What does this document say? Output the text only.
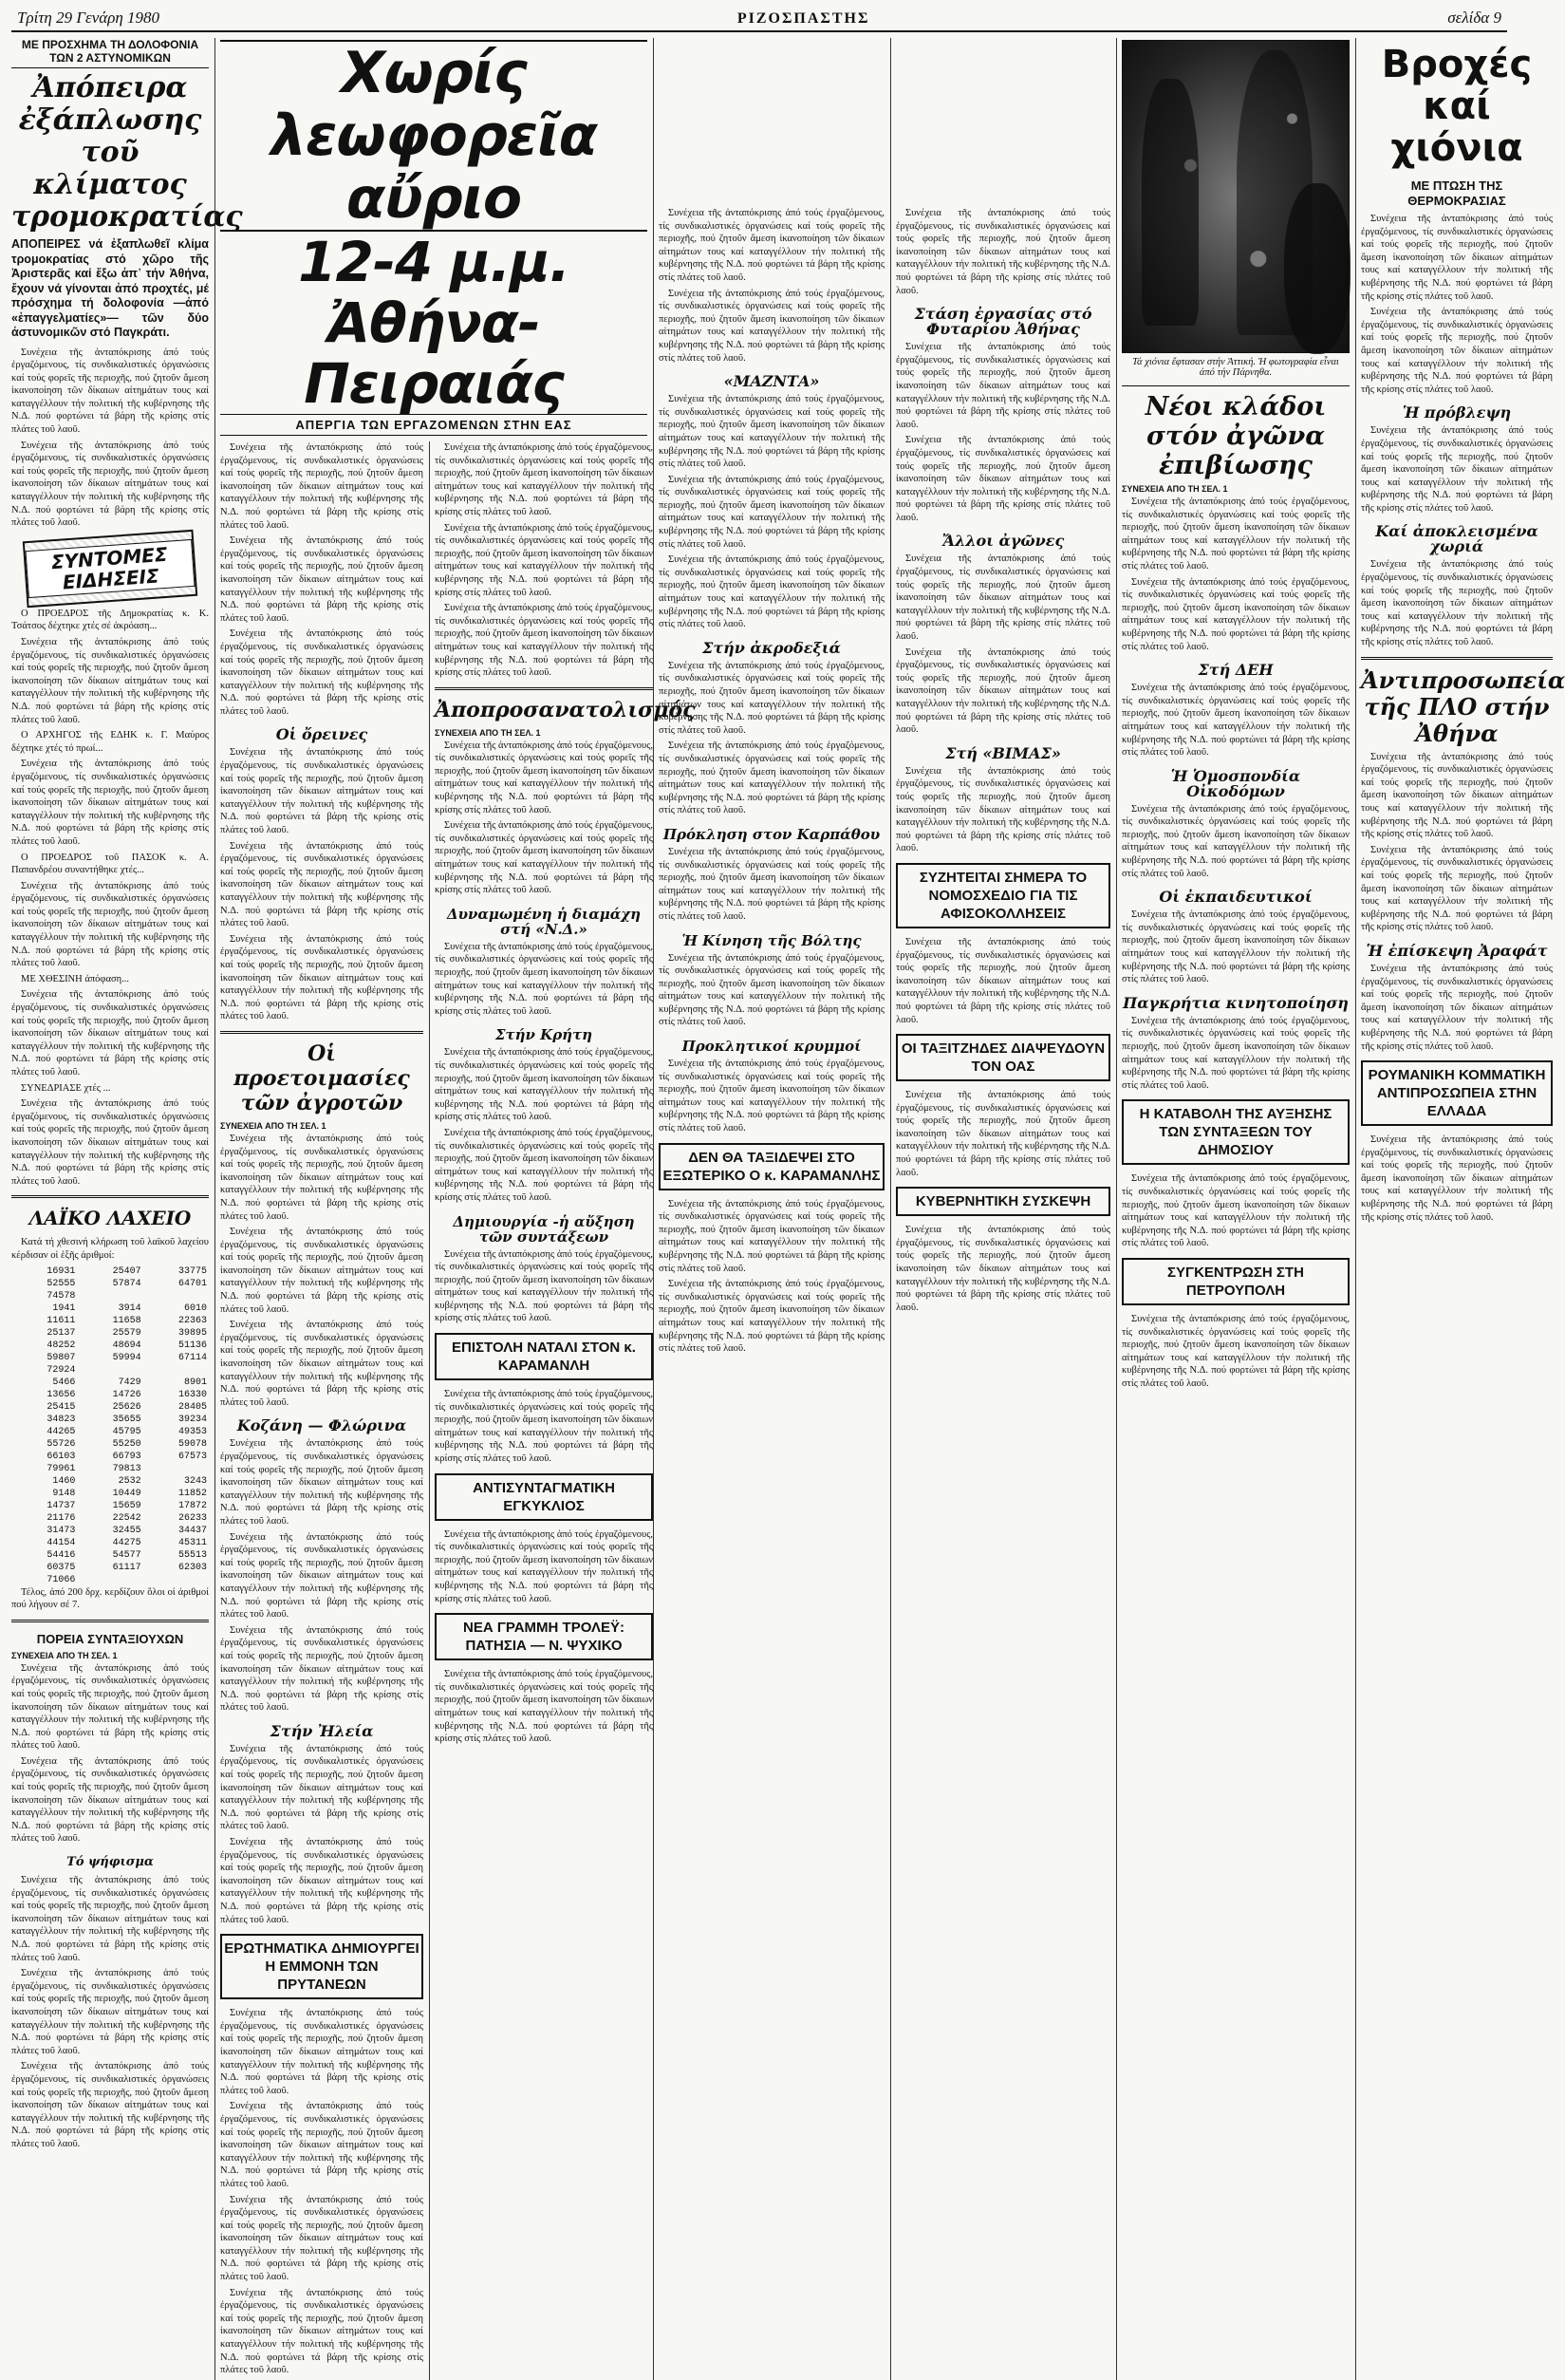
Τρίτη 29 Γενάρη 1980	ΡΙΖΟΣΠΑΣΤΗΣ	σελίδα 9
ΜΕ ΠΡΟΣΧΗΜΑ ΤΗ ΔΟΛΟΦΟΝΙΑ ΤΩΝ 2 ΑΣΤΥΝΟΜΙΚΩΝ
Ἀπόπειρα ἐξάπλωσης τοῦ κλίματος τρομοκρατίας
ΑΠΟΠΕΙΡΕΣ νά ἐξαπλωθεῖ κλίμα τρομοκρατίας στό χῶρο τῆς Ἀριστερᾶς καί ἔξω ἀπ᾽ τήν Ἀθήνα, ἔχουν νά γίνονται ἀπό προχτές, μέ πρόσχημα τή δολοφονία —ἀπό «ἐπαγγελματίες»— τῶν δύο ἀστυνομικῶν στό Παγκράτι.

Συνέχεια τῆς ἀνταπόκρισης ἀπό τούς ἐργαζόμενους, τίς συνδικαλιστικές ὀργανώσεις καί τούς φορεῖς τῆς περιοχῆς, πού ζητοῦν ἄμεση ἱκανοποίηση τῶν δίκαιων αἰτημάτων τους καί καταγγέλλουν τήν πολιτική τῆς κυβέρνησης τῆς Ν.Δ. πού φορτώνει τά βάρη τῆς κρίσης στίς πλάτες τοῦ λαοῦ.

Συνέχεια τῆς ἀνταπόκρισης ἀπό τούς ἐργαζόμενους, τίς συνδικαλιστικές ὀργανώσεις καί τούς φορεῖς τῆς περιοχῆς, πού ζητοῦν ἄμεση ἱκανοποίηση τῶν δίκαιων αἰτημάτων τους καί καταγγέλλουν τήν πολιτική τῆς κυβέρνησης τῆς Ν.Δ. πού φορτώνει τά βάρη τῆς κρίσης στίς πλάτες τοῦ λαοῦ.

ΣΥΝΤΟΜΕΣ ΕΙΔΗΣΕΙΣ

Ο ΠΡΟΕΔΡΟΣ τῆς Δημοκρατίας κ. Κ. Τσάτσος δέχτηκε χτές σέ ἀκρόαση...

Συνέχεια τῆς ἀνταπόκρισης ἀπό τούς ἐργαζόμενους, τίς συνδικαλιστικές ὀργανώσεις καί τούς φορεῖς τῆς περιοχῆς, πού ζητοῦν ἄμεση ἱκανοποίηση τῶν δίκαιων αἰτημάτων τους καί καταγγέλλουν τήν πολιτική τῆς κυβέρνησης τῆς Ν.Δ. πού φορτώνει τά βάρη τῆς κρίσης στίς πλάτες τοῦ λαοῦ.

Ο ΑΡΧΗΓΟΣ τῆς ΕΔΗΚ κ. Γ. Μαύρος δέχτηκε χτές τό πρωί...

Συνέχεια τῆς ἀνταπόκρισης ἀπό τούς ἐργαζόμενους, τίς συνδικαλιστικές ὀργανώσεις καί τούς φορεῖς τῆς περιοχῆς, πού ζητοῦν ἄμεση ἱκανοποίηση τῶν δίκαιων αἰτημάτων τους καί καταγγέλλουν τήν πολιτική τῆς κυβέρνησης τῆς Ν.Δ. πού φορτώνει τά βάρη τῆς κρίσης στίς πλάτες τοῦ λαοῦ.

Ο ΠΡΟΕΔΡΟΣ τοῦ ΠΑΣΟΚ κ. Α. Παπανδρέου συναντήθηκε χτές...

Συνέχεια τῆς ἀνταπόκρισης ἀπό τούς ἐργαζόμενους, τίς συνδικαλιστικές ὀργανώσεις καί τούς φορεῖς τῆς περιοχῆς, πού ζητοῦν ἄμεση ἱκανοποίηση τῶν δίκαιων αἰτημάτων τους καί καταγγέλλουν τήν πολιτική τῆς κυβέρνησης τῆς Ν.Δ. πού φορτώνει τά βάρη τῆς κρίσης στίς πλάτες τοῦ λαοῦ.

ΜΕ ΧΘΕΣΙΝΗ ἀπόφαση...

Συνέχεια τῆς ἀνταπόκρισης ἀπό τούς ἐργαζόμενους, τίς συνδικαλιστικές ὀργανώσεις καί τούς φορεῖς τῆς περιοχῆς, πού ζητοῦν ἄμεση ἱκανοποίηση τῶν δίκαιων αἰτημάτων τους καί καταγγέλλουν τήν πολιτική τῆς κυβέρνησης τῆς Ν.Δ. πού φορτώνει τά βάρη τῆς κρίσης στίς πλάτες τοῦ λαοῦ.

ΣΥΝΕΔΡΙΑΣΕ χτές ...

Συνέχεια τῆς ἀνταπόκρισης ἀπό τούς ἐργαζόμενους, τίς συνδικαλιστικές ὀργανώσεις καί τούς φορεῖς τῆς περιοχῆς, πού ζητοῦν ἄμεση ἱκανοποίηση τῶν δίκαιων αἰτημάτων τους καί καταγγέλλουν τήν πολιτική τῆς κυβέρνησης τῆς Ν.Δ. πού φορτώνει τά βάρη τῆς κρίσης στίς πλάτες τοῦ λαοῦ.

ΛΑΪΚΟ ΛΑΧΕΙΟ

Κατά τή χθεσινή κλήρωση τοῦ λαϊκοῦ λαχείου κέρδισαν οἱ ἑξῆς ἀριθμοί:

16931	25407	33775
52555	57874	64701
74578		
1941	3914	6010
11611	11658	22363
25137	25579	39895
48252	48694	51136
59807	59994	67114
72924		
5466	7429	8901
13656	14726	16330
25415	25626	28405
34823	35655	39234
44265	45795	49353
55726	55250	59078
66103	66793	67573
79961	79813	
1460	2532	3243
9148	10449	11852
14737	15659	17872
21176	22542	26233
31473	32455	34437
44154	44275	45311
54416	54577	55513
60375	61117	62303
71066		

Τέλος, ἀπό 200 δρχ. κερδίζουν ὅλοι οἱ ἀριθμοί πού λήγουν σέ 7.

ΠΟΡΕΙΑ ΣΥΝΤΑΞΙΟΥΧΩΝ
ΣΥΝΕΧΕΙΑ ΑΠΟ ΤΗ ΣΕΛ. 1

Συνέχεια τῆς ἀνταπόκρισης ἀπό τούς ἐργαζόμενους, τίς συνδικαλιστικές ὀργανώσεις καί τούς φορεῖς τῆς περιοχῆς, πού ζητοῦν ἄμεση ἱκανοποίηση τῶν δίκαιων αἰτημάτων τους καί καταγγέλλουν τήν πολιτική τῆς κυβέρνησης τῆς Ν.Δ. πού φορτώνει τά βάρη τῆς κρίσης στίς πλάτες τοῦ λαοῦ.

Συνέχεια τῆς ἀνταπόκρισης ἀπό τούς ἐργαζόμενους, τίς συνδικαλιστικές ὀργανώσεις καί τούς φορεῖς τῆς περιοχῆς, πού ζητοῦν ἄμεση ἱκανοποίηση τῶν δίκαιων αἰτημάτων τους καί καταγγέλλουν τήν πολιτική τῆς κυβέρνησης τῆς Ν.Δ. πού φορτώνει τά βάρη τῆς κρίσης στίς πλάτες τοῦ λαοῦ.

Τό ψήφισμα

Συνέχεια τῆς ἀνταπόκρισης ἀπό τούς ἐργαζόμενους, τίς συνδικαλιστικές ὀργανώσεις καί τούς φορεῖς τῆς περιοχῆς, πού ζητοῦν ἄμεση ἱκανοποίηση τῶν δίκαιων αἰτημάτων τους καί καταγγέλλουν τήν πολιτική τῆς κυβέρνησης τῆς Ν.Δ. πού φορτώνει τά βάρη τῆς κρίσης στίς πλάτες τοῦ λαοῦ.

Συνέχεια τῆς ἀνταπόκρισης ἀπό τούς ἐργαζόμενους, τίς συνδικαλιστικές ὀργανώσεις καί τούς φορεῖς τῆς περιοχῆς, πού ζητοῦν ἄμεση ἱκανοποίηση τῶν δίκαιων αἰτημάτων τους καί καταγγέλλουν τήν πολιτική τῆς κυβέρνησης τῆς Ν.Δ. πού φορτώνει τά βάρη τῆς κρίσης στίς πλάτες τοῦ λαοῦ.

Συνέχεια τῆς ἀνταπόκρισης ἀπό τούς ἐργαζόμενους, τίς συνδικαλιστικές ὀργανώσεις καί τούς φορεῖς τῆς περιοχῆς, πού ζητοῦν ἄμεση ἱκανοποίηση τῶν δίκαιων αἰτημάτων τους καί καταγγέλλουν τήν πολιτική τῆς κυβέρνησης τῆς Ν.Δ. πού φορτώνει τά βάρη τῆς κρίσης στίς πλάτες τοῦ λαοῦ.

Χωρίς λεωφορεῖα αὔριο
12-4 μ.μ. Ἀθήνα-Πειραιάς
ΑΠΕΡΓΙΑ ΤΩΝ ΕΡΓΑΖΟΜΕΝΩΝ ΣΤΗΝ ΕΑΣ

Συνέχεια τῆς ἀνταπόκρισης ἀπό τούς ἐργαζόμενους, τίς συνδικαλιστικές ὀργανώσεις καί τούς φορεῖς τῆς περιοχῆς, πού ζητοῦν ἄμεση ἱκανοποίηση τῶν δίκαιων αἰτημάτων τους καί καταγγέλλουν τήν πολιτική τῆς κυβέρνησης τῆς Ν.Δ. πού φορτώνει τά βάρη τῆς κρίσης στίς πλάτες τοῦ λαοῦ.

Συνέχεια τῆς ἀνταπόκρισης ἀπό τούς ἐργαζόμενους, τίς συνδικαλιστικές ὀργανώσεις καί τούς φορεῖς τῆς περιοχῆς, πού ζητοῦν ἄμεση ἱκανοποίηση τῶν δίκαιων αἰτημάτων τους καί καταγγέλλουν τήν πολιτική τῆς κυβέρνησης τῆς Ν.Δ. πού φορτώνει τά βάρη τῆς κρίσης στίς πλάτες τοῦ λαοῦ.

Συνέχεια τῆς ἀνταπόκρισης ἀπό τούς ἐργαζόμενους, τίς συνδικαλιστικές ὀργανώσεις καί τούς φορεῖς τῆς περιοχῆς, πού ζητοῦν ἄμεση ἱκανοποίηση τῶν δίκαιων αἰτημάτων τους καί καταγγέλλουν τήν πολιτική τῆς κυβέρνησης τῆς Ν.Δ. πού φορτώνει τά βάρη τῆς κρίσης στίς πλάτες τοῦ λαοῦ.

Οἱ ὄρεινες

Συνέχεια τῆς ἀνταπόκρισης ἀπό τούς ἐργαζόμενους, τίς συνδικαλιστικές ὀργανώσεις καί τούς φορεῖς τῆς περιοχῆς, πού ζητοῦν ἄμεση ἱκανοποίηση τῶν δίκαιων αἰτημάτων τους καί καταγγέλλουν τήν πολιτική τῆς κυβέρνησης τῆς Ν.Δ. πού φορτώνει τά βάρη τῆς κρίσης στίς πλάτες τοῦ λαοῦ.

Συνέχεια τῆς ἀνταπόκρισης ἀπό τούς ἐργαζόμενους, τίς συνδικαλιστικές ὀργανώσεις καί τούς φορεῖς τῆς περιοχῆς, πού ζητοῦν ἄμεση ἱκανοποίηση τῶν δίκαιων αἰτημάτων τους καί καταγγέλλουν τήν πολιτική τῆς κυβέρνησης τῆς Ν.Δ. πού φορτώνει τά βάρη τῆς κρίσης στίς πλάτες τοῦ λαοῦ.

Συνέχεια τῆς ἀνταπόκρισης ἀπό τούς ἐργαζόμενους, τίς συνδικαλιστικές ὀργανώσεις καί τούς φορεῖς τῆς περιοχῆς, πού ζητοῦν ἄμεση ἱκανοποίηση τῶν δίκαιων αἰτημάτων τους καί καταγγέλλουν τήν πολιτική τῆς κυβέρνησης τῆς Ν.Δ. πού φορτώνει τά βάρη τῆς κρίσης στίς πλάτες τοῦ λαοῦ.

Οἱ προετοιμασίες τῶν ἀγροτῶν
ΣΥΝΕΧΕΙΑ ΑΠΟ ΤΗ ΣΕΛ. 1

Συνέχεια τῆς ἀνταπόκρισης ἀπό τούς ἐργαζόμενους, τίς συνδικαλιστικές ὀργανώσεις καί τούς φορεῖς τῆς περιοχῆς, πού ζητοῦν ἄμεση ἱκανοποίηση τῶν δίκαιων αἰτημάτων τους καί καταγγέλλουν τήν πολιτική τῆς κυβέρνησης τῆς Ν.Δ. πού φορτώνει τά βάρη τῆς κρίσης στίς πλάτες τοῦ λαοῦ.

Συνέχεια τῆς ἀνταπόκρισης ἀπό τούς ἐργαζόμενους, τίς συνδικαλιστικές ὀργανώσεις καί τούς φορεῖς τῆς περιοχῆς, πού ζητοῦν ἄμεση ἱκανοποίηση τῶν δίκαιων αἰτημάτων τους καί καταγγέλλουν τήν πολιτική τῆς κυβέρνησης τῆς Ν.Δ. πού φορτώνει τά βάρη τῆς κρίσης στίς πλάτες τοῦ λαοῦ.

Συνέχεια τῆς ἀνταπόκρισης ἀπό τούς ἐργαζόμενους, τίς συνδικαλιστικές ὀργανώσεις καί τούς φορεῖς τῆς περιοχῆς, πού ζητοῦν ἄμεση ἱκανοποίηση τῶν δίκαιων αἰτημάτων τους καί καταγγέλλουν τήν πολιτική τῆς κυβέρνησης τῆς Ν.Δ. πού φορτώνει τά βάρη τῆς κρίσης στίς πλάτες τοῦ λαοῦ.

Κοζάνη — Φλώρινα

Συνέχεια τῆς ἀνταπόκρισης ἀπό τούς ἐργαζόμενους, τίς συνδικαλιστικές ὀργανώσεις καί τούς φορεῖς τῆς περιοχῆς, πού ζητοῦν ἄμεση ἱκανοποίηση τῶν δίκαιων αἰτημάτων τους καί καταγγέλλουν τήν πολιτική τῆς κυβέρνησης τῆς Ν.Δ. πού φορτώνει τά βάρη τῆς κρίσης στίς πλάτες τοῦ λαοῦ.

Συνέχεια τῆς ἀνταπόκρισης ἀπό τούς ἐργαζόμενους, τίς συνδικαλιστικές ὀργανώσεις καί τούς φορεῖς τῆς περιοχῆς, πού ζητοῦν ἄμεση ἱκανοποίηση τῶν δίκαιων αἰτημάτων τους καί καταγγέλλουν τήν πολιτική τῆς κυβέρνησης τῆς Ν.Δ. πού φορτώνει τά βάρη τῆς κρίσης στίς πλάτες τοῦ λαοῦ.

Συνέχεια τῆς ἀνταπόκρισης ἀπό τούς ἐργαζόμενους, τίς συνδικαλιστικές ὀργανώσεις καί τούς φορεῖς τῆς περιοχῆς, πού ζητοῦν ἄμεση ἱκανοποίηση τῶν δίκαιων αἰτημάτων τους καί καταγγέλλουν τήν πολιτική τῆς κυβέρνησης τῆς Ν.Δ. πού φορτώνει τά βάρη τῆς κρίσης στίς πλάτες τοῦ λαοῦ.

Στήν Ἠλεία

Συνέχεια τῆς ἀνταπόκρισης ἀπό τούς ἐργαζόμενους, τίς συνδικαλιστικές ὀργανώσεις καί τούς φορεῖς τῆς περιοχῆς, πού ζητοῦν ἄμεση ἱκανοποίηση τῶν δίκαιων αἰτημάτων τους καί καταγγέλλουν τήν πολιτική τῆς κυβέρνησης τῆς Ν.Δ. πού φορτώνει τά βάρη τῆς κρίσης στίς πλάτες τοῦ λαοῦ.

Συνέχεια τῆς ἀνταπόκρισης ἀπό τούς ἐργαζόμενους, τίς συνδικαλιστικές ὀργανώσεις καί τούς φορεῖς τῆς περιοχῆς, πού ζητοῦν ἄμεση ἱκανοποίηση τῶν δίκαιων αἰτημάτων τους καί καταγγέλλουν τήν πολιτική τῆς κυβέρνησης τῆς Ν.Δ. πού φορτώνει τά βάρη τῆς κρίσης στίς πλάτες τοῦ λαοῦ.

ΕΡΩΤΗΜΑΤΙΚΑ ΔΗΜΙΟΥΡΓΕΙ Η ΕΜΜΟΝΗ ΤΩΝ ΠΡΥΤΑΝΕΩΝ

Συνέχεια τῆς ἀνταπόκρισης ἀπό τούς ἐργαζόμενους, τίς συνδικαλιστικές ὀργανώσεις καί τούς φορεῖς τῆς περιοχῆς, πού ζητοῦν ἄμεση ἱκανοποίηση τῶν δίκαιων αἰτημάτων τους καί καταγγέλλουν τήν πολιτική τῆς κυβέρνησης τῆς Ν.Δ. πού φορτώνει τά βάρη τῆς κρίσης στίς πλάτες τοῦ λαοῦ.

Συνέχεια τῆς ἀνταπόκρισης ἀπό τούς ἐργαζόμενους, τίς συνδικαλιστικές ὀργανώσεις καί τούς φορεῖς τῆς περιοχῆς, πού ζητοῦν ἄμεση ἱκανοποίηση τῶν δίκαιων αἰτημάτων τους καί καταγγέλλουν τήν πολιτική τῆς κυβέρνησης τῆς Ν.Δ. πού φορτώνει τά βάρη τῆς κρίσης στίς πλάτες τοῦ λαοῦ.

Συνέχεια τῆς ἀνταπόκρισης ἀπό τούς ἐργαζόμενους, τίς συνδικαλιστικές ὀργανώσεις καί τούς φορεῖς τῆς περιοχῆς, πού ζητοῦν ἄμεση ἱκανοποίηση τῶν δίκαιων αἰτημάτων τους καί καταγγέλλουν τήν πολιτική τῆς κυβέρνησης τῆς Ν.Δ. πού φορτώνει τά βάρη τῆς κρίσης στίς πλάτες τοῦ λαοῦ.

Συνέχεια τῆς ἀνταπόκρισης ἀπό τούς ἐργαζόμενους, τίς συνδικαλιστικές ὀργανώσεις καί τούς φορεῖς τῆς περιοχῆς, πού ζητοῦν ἄμεση ἱκανοποίηση τῶν δίκαιων αἰτημάτων τους καί καταγγέλλουν τήν πολιτική τῆς κυβέρνησης τῆς Ν.Δ. πού φορτώνει τά βάρη τῆς κρίσης στίς πλάτες τοῦ λαοῦ.

Συνέχεια τῆς ἀνταπόκρισης ἀπό τούς ἐργαζόμενους, τίς συνδικαλιστικές ὀργανώσεις καί τούς φορεῖς τῆς περιοχῆς, πού ζητοῦν ἄμεση ἱκανοποίηση τῶν δίκαιων αἰτημάτων τους καί καταγγέλλουν τήν πολιτική τῆς κυβέρνησης τῆς Ν.Δ. πού φορτώνει τά βάρη τῆς κρίσης στίς πλάτες τοῦ λαοῦ.

Συνέχεια τῆς ἀνταπόκρισης ἀπό τούς ἐργαζόμενους, τίς συνδικαλιστικές ὀργανώσεις καί τούς φορεῖς τῆς περιοχῆς, πού ζητοῦν ἄμεση ἱκανοποίηση τῶν δίκαιων αἰτημάτων τους καί καταγγέλλουν τήν πολιτική τῆς κυβέρνησης τῆς Ν.Δ. πού φορτώνει τά βάρη τῆς κρίσης στίς πλάτες τοῦ λαοῦ.

Συνέχεια τῆς ἀνταπόκρισης ἀπό τούς ἐργαζόμενους, τίς συνδικαλιστικές ὀργανώσεις καί τούς φορεῖς τῆς περιοχῆς, πού ζητοῦν ἄμεση ἱκανοποίηση τῶν δίκαιων αἰτημάτων τους καί καταγγέλλουν τήν πολιτική τῆς κυβέρνησης τῆς Ν.Δ. πού φορτώνει τά βάρη τῆς κρίσης στίς πλάτες τοῦ λαοῦ.

Ἀποπροσανατολισμός
ΣΥΝΕΧΕΙΑ ΑΠΟ ΤΗ ΣΕΛ. 1

Συνέχεια τῆς ἀνταπόκρισης ἀπό τούς ἐργαζόμενους, τίς συνδικαλιστικές ὀργανώσεις καί τούς φορεῖς τῆς περιοχῆς, πού ζητοῦν ἄμεση ἱκανοποίηση τῶν δίκαιων αἰτημάτων τους καί καταγγέλλουν τήν πολιτική τῆς κυβέρνησης τῆς Ν.Δ. πού φορτώνει τά βάρη τῆς κρίσης στίς πλάτες τοῦ λαοῦ.

Συνέχεια τῆς ἀνταπόκρισης ἀπό τούς ἐργαζόμενους, τίς συνδικαλιστικές ὀργανώσεις καί τούς φορεῖς τῆς περιοχῆς, πού ζητοῦν ἄμεση ἱκανοποίηση τῶν δίκαιων αἰτημάτων τους καί καταγγέλλουν τήν πολιτική τῆς κυβέρνησης τῆς Ν.Δ. πού φορτώνει τά βάρη τῆς κρίσης στίς πλάτες τοῦ λαοῦ.

Δυναμωμένη ἡ διαμάχη στή «Ν.Δ.»

Συνέχεια τῆς ἀνταπόκρισης ἀπό τούς ἐργαζόμενους, τίς συνδικαλιστικές ὀργανώσεις καί τούς φορεῖς τῆς περιοχῆς, πού ζητοῦν ἄμεση ἱκανοποίηση τῶν δίκαιων αἰτημάτων τους καί καταγγέλλουν τήν πολιτική τῆς κυβέρνησης τῆς Ν.Δ. πού φορτώνει τά βάρη τῆς κρίσης στίς πλάτες τοῦ λαοῦ.

Στήν Κρήτη

Συνέχεια τῆς ἀνταπόκρισης ἀπό τούς ἐργαζόμενους, τίς συνδικαλιστικές ὀργανώσεις καί τούς φορεῖς τῆς περιοχῆς, πού ζητοῦν ἄμεση ἱκανοποίηση τῶν δίκαιων αἰτημάτων τους καί καταγγέλλουν τήν πολιτική τῆς κυβέρνησης τῆς Ν.Δ. πού φορτώνει τά βάρη τῆς κρίσης στίς πλάτες τοῦ λαοῦ.

Συνέχεια τῆς ἀνταπόκρισης ἀπό τούς ἐργαζόμενους, τίς συνδικαλιστικές ὀργανώσεις καί τούς φορεῖς τῆς περιοχῆς, πού ζητοῦν ἄμεση ἱκανοποίηση τῶν δίκαιων αἰτημάτων τους καί καταγγέλλουν τήν πολιτική τῆς κυβέρνησης τῆς Ν.Δ. πού φορτώνει τά βάρη τῆς κρίσης στίς πλάτες τοῦ λαοῦ.

Δημιουργία -ἡ αὔξηση τῶν συντάξεων

Συνέχεια τῆς ἀνταπόκρισης ἀπό τούς ἐργαζόμενους, τίς συνδικαλιστικές ὀργανώσεις καί τούς φορεῖς τῆς περιοχῆς, πού ζητοῦν ἄμεση ἱκανοποίηση τῶν δίκαιων αἰτημάτων τους καί καταγγέλλουν τήν πολιτική τῆς κυβέρνησης τῆς Ν.Δ. πού φορτώνει τά βάρη τῆς κρίσης στίς πλάτες τοῦ λαοῦ.

ΕΠΙΣΤΟΛΗ ΝΑΤΑΛΙ ΣΤΟΝ κ. ΚΑΡΑΜΑΝΛΗ

Συνέχεια τῆς ἀνταπόκρισης ἀπό τούς ἐργαζόμενους, τίς συνδικαλιστικές ὀργανώσεις καί τούς φορεῖς τῆς περιοχῆς, πού ζητοῦν ἄμεση ἱκανοποίηση τῶν δίκαιων αἰτημάτων τους καί καταγγέλλουν τήν πολιτική τῆς κυβέρνησης τῆς Ν.Δ. πού φορτώνει τά βάρη τῆς κρίσης στίς πλάτες τοῦ λαοῦ.

ΑΝΤΙΣΥΝΤΑΓΜΑΤΙΚΗ ΕΓΚΥΚΛΙΟΣ

Συνέχεια τῆς ἀνταπόκρισης ἀπό τούς ἐργαζόμενους, τίς συνδικαλιστικές ὀργανώσεις καί τούς φορεῖς τῆς περιοχῆς, πού ζητοῦν ἄμεση ἱκανοποίηση τῶν δίκαιων αἰτημάτων τους καί καταγγέλλουν τήν πολιτική τῆς κυβέρνησης τῆς Ν.Δ. πού φορτώνει τά βάρη τῆς κρίσης στίς πλάτες τοῦ λαοῦ.

ΝΕΑ ΓΡΑΜΜΗ ΤΡΟΛΕΫ: ΠΑΤΗΣΙΑ — Ν. ΨΥΧΙΚΟ

Συνέχεια τῆς ἀνταπόκρισης ἀπό τούς ἐργαζόμενους, τίς συνδικαλιστικές ὀργανώσεις καί τούς φορεῖς τῆς περιοχῆς, πού ζητοῦν ἄμεση ἱκανοποίηση τῶν δίκαιων αἰτημάτων τους καί καταγγέλλουν τήν πολιτική τῆς κυβέρνησης τῆς Ν.Δ. πού φορτώνει τά βάρη τῆς κρίσης στίς πλάτες τοῦ λαοῦ.

Συνέχεια τῆς ἀνταπόκρισης ἀπό τούς ἐργαζόμενους, τίς συνδικαλιστικές ὀργανώσεις καί τούς φορεῖς τῆς περιοχῆς, πού ζητοῦν ἄμεση ἱκανοποίηση τῶν δίκαιων αἰτημάτων τους καί καταγγέλλουν τήν πολιτική τῆς κυβέρνησης τῆς Ν.Δ. πού φορτώνει τά βάρη τῆς κρίσης στίς πλάτες τοῦ λαοῦ.

Συνέχεια τῆς ἀνταπόκρισης ἀπό τούς ἐργαζόμενους, τίς συνδικαλιστικές ὀργανώσεις καί τούς φορεῖς τῆς περιοχῆς, πού ζητοῦν ἄμεση ἱκανοποίηση τῶν δίκαιων αἰτημάτων τους καί καταγγέλλουν τήν πολιτική τῆς κυβέρνησης τῆς Ν.Δ. πού φορτώνει τά βάρη τῆς κρίσης στίς πλάτες τοῦ λαοῦ.

«ΜΑΖΝΤΑ»

Συνέχεια τῆς ἀνταπόκρισης ἀπό τούς ἐργαζόμενους, τίς συνδικαλιστικές ὀργανώσεις καί τούς φορεῖς τῆς περιοχῆς, πού ζητοῦν ἄμεση ἱκανοποίηση τῶν δίκαιων αἰτημάτων τους καί καταγγέλλουν τήν πολιτική τῆς κυβέρνησης τῆς Ν.Δ. πού φορτώνει τά βάρη τῆς κρίσης στίς πλάτες τοῦ λαοῦ.

Συνέχεια τῆς ἀνταπόκρισης ἀπό τούς ἐργαζόμενους, τίς συνδικαλιστικές ὀργανώσεις καί τούς φορεῖς τῆς περιοχῆς, πού ζητοῦν ἄμεση ἱκανοποίηση τῶν δίκαιων αἰτημάτων τους καί καταγγέλλουν τήν πολιτική τῆς κυβέρνησης τῆς Ν.Δ. πού φορτώνει τά βάρη τῆς κρίσης στίς πλάτες τοῦ λαοῦ.

Συνέχεια τῆς ἀνταπόκρισης ἀπό τούς ἐργαζόμενους, τίς συνδικαλιστικές ὀργανώσεις καί τούς φορεῖς τῆς περιοχῆς, πού ζητοῦν ἄμεση ἱκανοποίηση τῶν δίκαιων αἰτημάτων τους καί καταγγέλλουν τήν πολιτική τῆς κυβέρνησης τῆς Ν.Δ. πού φορτώνει τά βάρη τῆς κρίσης στίς πλάτες τοῦ λαοῦ.

Στήν ἀκροδεξιά

Συνέχεια τῆς ἀνταπόκρισης ἀπό τούς ἐργαζόμενους, τίς συνδικαλιστικές ὀργανώσεις καί τούς φορεῖς τῆς περιοχῆς, πού ζητοῦν ἄμεση ἱκανοποίηση τῶν δίκαιων αἰτημάτων τους καί καταγγέλλουν τήν πολιτική τῆς κυβέρνησης τῆς Ν.Δ. πού φορτώνει τά βάρη τῆς κρίσης στίς πλάτες τοῦ λαοῦ.

Συνέχεια τῆς ἀνταπόκρισης ἀπό τούς ἐργαζόμενους, τίς συνδικαλιστικές ὀργανώσεις καί τούς φορεῖς τῆς περιοχῆς, πού ζητοῦν ἄμεση ἱκανοποίηση τῶν δίκαιων αἰτημάτων τους καί καταγγέλλουν τήν πολιτική τῆς κυβέρνησης τῆς Ν.Δ. πού φορτώνει τά βάρη τῆς κρίσης στίς πλάτες τοῦ λαοῦ.

Πρόκληση στον Καρπάθου

Συνέχεια τῆς ἀνταπόκρισης ἀπό τούς ἐργαζόμενους, τίς συνδικαλιστικές ὀργανώσεις καί τούς φορεῖς τῆς περιοχῆς, πού ζητοῦν ἄμεση ἱκανοποίηση τῶν δίκαιων αἰτημάτων τους καί καταγγέλλουν τήν πολιτική τῆς κυβέρνησης τῆς Ν.Δ. πού φορτώνει τά βάρη τῆς κρίσης στίς πλάτες τοῦ λαοῦ.

Ἡ Κίνηση τῆς Βόλτης

Συνέχεια τῆς ἀνταπόκρισης ἀπό τούς ἐργαζόμενους, τίς συνδικαλιστικές ὀργανώσεις καί τούς φορεῖς τῆς περιοχῆς, πού ζητοῦν ἄμεση ἱκανοποίηση τῶν δίκαιων αἰτημάτων τους καί καταγγέλλουν τήν πολιτική τῆς κυβέρνησης τῆς Ν.Δ. πού φορτώνει τά βάρη τῆς κρίσης στίς πλάτες τοῦ λαοῦ.

Προκλητικοί κρυμμοί

Συνέχεια τῆς ἀνταπόκρισης ἀπό τούς ἐργαζόμενους, τίς συνδικαλιστικές ὀργανώσεις καί τούς φορεῖς τῆς περιοχῆς, πού ζητοῦν ἄμεση ἱκανοποίηση τῶν δίκαιων αἰτημάτων τους καί καταγγέλλουν τήν πολιτική τῆς κυβέρνησης τῆς Ν.Δ. πού φορτώνει τά βάρη τῆς κρίσης στίς πλάτες τοῦ λαοῦ.

ΔΕΝ ΘΑ ΤΑΞΙΔΕΨΕΙ ΣΤΟ ΕΞΩΤΕΡΙΚΟ Ο κ. ΚΑΡΑΜΑΝΛΗΣ

Συνέχεια τῆς ἀνταπόκρισης ἀπό τούς ἐργαζόμενους, τίς συνδικαλιστικές ὀργανώσεις καί τούς φορεῖς τῆς περιοχῆς, πού ζητοῦν ἄμεση ἱκανοποίηση τῶν δίκαιων αἰτημάτων τους καί καταγγέλλουν τήν πολιτική τῆς κυβέρνησης τῆς Ν.Δ. πού φορτώνει τά βάρη τῆς κρίσης στίς πλάτες τοῦ λαοῦ.

Συνέχεια τῆς ἀνταπόκρισης ἀπό τούς ἐργαζόμενους, τίς συνδικαλιστικές ὀργανώσεις καί τούς φορεῖς τῆς περιοχῆς, πού ζητοῦν ἄμεση ἱκανοποίηση τῶν δίκαιων αἰτημάτων τους καί καταγγέλλουν τήν πολιτική τῆς κυβέρνησης τῆς Ν.Δ. πού φορτώνει τά βάρη τῆς κρίσης στίς πλάτες τοῦ λαοῦ.

Συνέχεια τῆς ἀνταπόκρισης ἀπό τούς ἐργαζόμενους, τίς συνδικαλιστικές ὀργανώσεις καί τούς φορεῖς τῆς περιοχῆς, πού ζητοῦν ἄμεση ἱκανοποίηση τῶν δίκαιων αἰτημάτων τους καί καταγγέλλουν τήν πολιτική τῆς κυβέρνησης τῆς Ν.Δ. πού φορτώνει τά βάρη τῆς κρίσης στίς πλάτες τοῦ λαοῦ.

Στάση ἐργασίας στό Φυταρίου Ἀθήνας

Συνέχεια τῆς ἀνταπόκρισης ἀπό τούς ἐργαζόμενους, τίς συνδικαλιστικές ὀργανώσεις καί τούς φορεῖς τῆς περιοχῆς, πού ζητοῦν ἄμεση ἱκανοποίηση τῶν δίκαιων αἰτημάτων τους καί καταγγέλλουν τήν πολιτική τῆς κυβέρνησης τῆς Ν.Δ. πού φορτώνει τά βάρη τῆς κρίσης στίς πλάτες τοῦ λαοῦ.

Συνέχεια τῆς ἀνταπόκρισης ἀπό τούς ἐργαζόμενους, τίς συνδικαλιστικές ὀργανώσεις καί τούς φορεῖς τῆς περιοχῆς, πού ζητοῦν ἄμεση ἱκανοποίηση τῶν δίκαιων αἰτημάτων τους καί καταγγέλλουν τήν πολιτική τῆς κυβέρνησης τῆς Ν.Δ. πού φορτώνει τά βάρη τῆς κρίσης στίς πλάτες τοῦ λαοῦ.

Ἄλλοι ἀγῶνες

Συνέχεια τῆς ἀνταπόκρισης ἀπό τούς ἐργαζόμενους, τίς συνδικαλιστικές ὀργανώσεις καί τούς φορεῖς τῆς περιοχῆς, πού ζητοῦν ἄμεση ἱκανοποίηση τῶν δίκαιων αἰτημάτων τους καί καταγγέλλουν τήν πολιτική τῆς κυβέρνησης τῆς Ν.Δ. πού φορτώνει τά βάρη τῆς κρίσης στίς πλάτες τοῦ λαοῦ.

Συνέχεια τῆς ἀνταπόκρισης ἀπό τούς ἐργαζόμενους, τίς συνδικαλιστικές ὀργανώσεις καί τούς φορεῖς τῆς περιοχῆς, πού ζητοῦν ἄμεση ἱκανοποίηση τῶν δίκαιων αἰτημάτων τους καί καταγγέλλουν τήν πολιτική τῆς κυβέρνησης τῆς Ν.Δ. πού φορτώνει τά βάρη τῆς κρίσης στίς πλάτες τοῦ λαοῦ.

Στή «ΒΙΜΑΣ»

Συνέχεια τῆς ἀνταπόκρισης ἀπό τούς ἐργαζόμενους, τίς συνδικαλιστικές ὀργανώσεις καί τούς φορεῖς τῆς περιοχῆς, πού ζητοῦν ἄμεση ἱκανοποίηση τῶν δίκαιων αἰτημάτων τους καί καταγγέλλουν τήν πολιτική τῆς κυβέρνησης τῆς Ν.Δ. πού φορτώνει τά βάρη τῆς κρίσης στίς πλάτες τοῦ λαοῦ.

ΣΥΖΗΤΕΙΤΑΙ ΣΗΜΕΡΑ ΤΟ ΝΟΜΟΣΧΕΔΙΟ ΓΙΑ ΤΙΣ ΑΦΙΣΟΚΟΛΛΗΣΕΙΣ

Συνέχεια τῆς ἀνταπόκρισης ἀπό τούς ἐργαζόμενους, τίς συνδικαλιστικές ὀργανώσεις καί τούς φορεῖς τῆς περιοχῆς, πού ζητοῦν ἄμεση ἱκανοποίηση τῶν δίκαιων αἰτημάτων τους καί καταγγέλλουν τήν πολιτική τῆς κυβέρνησης τῆς Ν.Δ. πού φορτώνει τά βάρη τῆς κρίσης στίς πλάτες τοῦ λαοῦ.

ΟΙ ΤΑΞΙΤΖΗΔΕΣ ΔΙΑΨΕΥΔΟΥΝ ΤΟΝ ΟΑΣ

Συνέχεια τῆς ἀνταπόκρισης ἀπό τούς ἐργαζόμενους, τίς συνδικαλιστικές ὀργανώσεις καί τούς φορεῖς τῆς περιοχῆς, πού ζητοῦν ἄμεση ἱκανοποίηση τῶν δίκαιων αἰτημάτων τους καί καταγγέλλουν τήν πολιτική τῆς κυβέρνησης τῆς Ν.Δ. πού φορτώνει τά βάρη τῆς κρίσης στίς πλάτες τοῦ λαοῦ.

ΚΥΒΕΡΝΗΤΙΚΗ ΣΥΣΚΕΨΗ

Συνέχεια τῆς ἀνταπόκρισης ἀπό τούς ἐργαζόμενους, τίς συνδικαλιστικές ὀργανώσεις καί τούς φορεῖς τῆς περιοχῆς, πού ζητοῦν ἄμεση ἱκανοποίηση τῶν δίκαιων αἰτημάτων τους καί καταγγέλλουν τήν πολιτική τῆς κυβέρνησης τῆς Ν.Δ. πού φορτώνει τά βάρη τῆς κρίσης στίς πλάτες τοῦ λαοῦ.

Τά χιόνια ἔφτασαν στήν Ἀττική. Ἡ φωτογραφία εἶναι ἀπό τήν Πάρνηθα.
Νέοι κλάδοι στόν ἀγῶνα ἐπιβίωσης
ΣΥΝΕΧΕΙΑ ΑΠΟ ΤΗ ΣΕΛ. 1

Συνέχεια τῆς ἀνταπόκρισης ἀπό τούς ἐργαζόμενους, τίς συνδικαλιστικές ὀργανώσεις καί τούς φορεῖς τῆς περιοχῆς, πού ζητοῦν ἄμεση ἱκανοποίηση τῶν δίκαιων αἰτημάτων τους καί καταγγέλλουν τήν πολιτική τῆς κυβέρνησης τῆς Ν.Δ. πού φορτώνει τά βάρη τῆς κρίσης στίς πλάτες τοῦ λαοῦ.

Συνέχεια τῆς ἀνταπόκρισης ἀπό τούς ἐργαζόμενους, τίς συνδικαλιστικές ὀργανώσεις καί τούς φορεῖς τῆς περιοχῆς, πού ζητοῦν ἄμεση ἱκανοποίηση τῶν δίκαιων αἰτημάτων τους καί καταγγέλλουν τήν πολιτική τῆς κυβέρνησης τῆς Ν.Δ. πού φορτώνει τά βάρη τῆς κρίσης στίς πλάτες τοῦ λαοῦ.

Στή ΔΕΗ

Συνέχεια τῆς ἀνταπόκρισης ἀπό τούς ἐργαζόμενους, τίς συνδικαλιστικές ὀργανώσεις καί τούς φορεῖς τῆς περιοχῆς, πού ζητοῦν ἄμεση ἱκανοποίηση τῶν δίκαιων αἰτημάτων τους καί καταγγέλλουν τήν πολιτική τῆς κυβέρνησης τῆς Ν.Δ. πού φορτώνει τά βάρη τῆς κρίσης στίς πλάτες τοῦ λαοῦ.

Ἡ Ὁμοσπονδία Οἰκοδόμων

Συνέχεια τῆς ἀνταπόκρισης ἀπό τούς ἐργαζόμενους, τίς συνδικαλιστικές ὀργανώσεις καί τούς φορεῖς τῆς περιοχῆς, πού ζητοῦν ἄμεση ἱκανοποίηση τῶν δίκαιων αἰτημάτων τους καί καταγγέλλουν τήν πολιτική τῆς κυβέρνησης τῆς Ν.Δ. πού φορτώνει τά βάρη τῆς κρίσης στίς πλάτες τοῦ λαοῦ.

Οἱ ἐκπαιδευτικοί

Συνέχεια τῆς ἀνταπόκρισης ἀπό τούς ἐργαζόμενους, τίς συνδικαλιστικές ὀργανώσεις καί τούς φορεῖς τῆς περιοχῆς, πού ζητοῦν ἄμεση ἱκανοποίηση τῶν δίκαιων αἰτημάτων τους καί καταγγέλλουν τήν πολιτική τῆς κυβέρνησης τῆς Ν.Δ. πού φορτώνει τά βάρη τῆς κρίσης στίς πλάτες τοῦ λαοῦ.

Παγκρήτια κινητοποίηση

Συνέχεια τῆς ἀνταπόκρισης ἀπό τούς ἐργαζόμενους, τίς συνδικαλιστικές ὀργανώσεις καί τούς φορεῖς τῆς περιοχῆς, πού ζητοῦν ἄμεση ἱκανοποίηση τῶν δίκαιων αἰτημάτων τους καί καταγγέλλουν τήν πολιτική τῆς κυβέρνησης τῆς Ν.Δ. πού φορτώνει τά βάρη τῆς κρίσης στίς πλάτες τοῦ λαοῦ.

Η ΚΑΤΑΒΟΛΗ ΤΗΣ ΑΥΞΗΣΗΣ ΤΩΝ ΣΥΝΤΑΞΕΩΝ ΤΟΥ ΔΗΜΟΣΙΟΥ

Συνέχεια τῆς ἀνταπόκρισης ἀπό τούς ἐργαζόμενους, τίς συνδικαλιστικές ὀργανώσεις καί τούς φορεῖς τῆς περιοχῆς, πού ζητοῦν ἄμεση ἱκανοποίηση τῶν δίκαιων αἰτημάτων τους καί καταγγέλλουν τήν πολιτική τῆς κυβέρνησης τῆς Ν.Δ. πού φορτώνει τά βάρη τῆς κρίσης στίς πλάτες τοῦ λαοῦ.

ΣΥΓΚΕΝΤΡΩΣΗ ΣΤΗ ΠΕΤΡΟΥΠΟΛΗ

Συνέχεια τῆς ἀνταπόκρισης ἀπό τούς ἐργαζόμενους, τίς συνδικαλιστικές ὀργανώσεις καί τούς φορεῖς τῆς περιοχῆς, πού ζητοῦν ἄμεση ἱκανοποίηση τῶν δίκαιων αἰτημάτων τους καί καταγγέλλουν τήν πολιτική τῆς κυβέρνησης τῆς Ν.Δ. πού φορτώνει τά βάρη τῆς κρίσης στίς πλάτες τοῦ λαοῦ.

Βροχές καί χιόνια
ΜΕ ΠΤΩΣΗ ΤΗΣ ΘΕΡΜΟΚΡΑΣΙΑΣ

Συνέχεια τῆς ἀνταπόκρισης ἀπό τούς ἐργαζόμενους, τίς συνδικαλιστικές ὀργανώσεις καί τούς φορεῖς τῆς περιοχῆς, πού ζητοῦν ἄμεση ἱκανοποίηση τῶν δίκαιων αἰτημάτων τους καί καταγγέλλουν τήν πολιτική τῆς κυβέρνησης τῆς Ν.Δ. πού φορτώνει τά βάρη τῆς κρίσης στίς πλάτες τοῦ λαοῦ.

Συνέχεια τῆς ἀνταπόκρισης ἀπό τούς ἐργαζόμενους, τίς συνδικαλιστικές ὀργανώσεις καί τούς φορεῖς τῆς περιοχῆς, πού ζητοῦν ἄμεση ἱκανοποίηση τῶν δίκαιων αἰτημάτων τους καί καταγγέλλουν τήν πολιτική τῆς κυβέρνησης τῆς Ν.Δ. πού φορτώνει τά βάρη τῆς κρίσης στίς πλάτες τοῦ λαοῦ.

Ἡ πρόβλεψη

Συνέχεια τῆς ἀνταπόκρισης ἀπό τούς ἐργαζόμενους, τίς συνδικαλιστικές ὀργανώσεις καί τούς φορεῖς τῆς περιοχῆς, πού ζητοῦν ἄμεση ἱκανοποίηση τῶν δίκαιων αἰτημάτων τους καί καταγγέλλουν τήν πολιτική τῆς κυβέρνησης τῆς Ν.Δ. πού φορτώνει τά βάρη τῆς κρίσης στίς πλάτες τοῦ λαοῦ.

Καί ἀποκλεισμένα χωριά

Συνέχεια τῆς ἀνταπόκρισης ἀπό τούς ἐργαζόμενους, τίς συνδικαλιστικές ὀργανώσεις καί τούς φορεῖς τῆς περιοχῆς, πού ζητοῦν ἄμεση ἱκανοποίηση τῶν δίκαιων αἰτημάτων τους καί καταγγέλλουν τήν πολιτική τῆς κυβέρνησης τῆς Ν.Δ. πού φορτώνει τά βάρη τῆς κρίσης στίς πλάτες τοῦ λαοῦ.

Ἀντιπροσωπεία τῆς ΠΛΟ στήν Ἀθήνα

Συνέχεια τῆς ἀνταπόκρισης ἀπό τούς ἐργαζόμενους, τίς συνδικαλιστικές ὀργανώσεις καί τούς φορεῖς τῆς περιοχῆς, πού ζητοῦν ἄμεση ἱκανοποίηση τῶν δίκαιων αἰτημάτων τους καί καταγγέλλουν τήν πολιτική τῆς κυβέρνησης τῆς Ν.Δ. πού φορτώνει τά βάρη τῆς κρίσης στίς πλάτες τοῦ λαοῦ.

Συνέχεια τῆς ἀνταπόκρισης ἀπό τούς ἐργαζόμενους, τίς συνδικαλιστικές ὀργανώσεις καί τούς φορεῖς τῆς περιοχῆς, πού ζητοῦν ἄμεση ἱκανοποίηση τῶν δίκαιων αἰτημάτων τους καί καταγγέλλουν τήν πολιτική τῆς κυβέρνησης τῆς Ν.Δ. πού φορτώνει τά βάρη τῆς κρίσης στίς πλάτες τοῦ λαοῦ.

Ἡ ἐπίσκεψη Ἀραφάτ

Συνέχεια τῆς ἀνταπόκρισης ἀπό τούς ἐργαζόμενους, τίς συνδικαλιστικές ὀργανώσεις καί τούς φορεῖς τῆς περιοχῆς, πού ζητοῦν ἄμεση ἱκανοποίηση τῶν δίκαιων αἰτημάτων τους καί καταγγέλλουν τήν πολιτική τῆς κυβέρνησης τῆς Ν.Δ. πού φορτώνει τά βάρη τῆς κρίσης στίς πλάτες τοῦ λαοῦ.

ΡΟΥΜΑΝΙΚΗ ΚΟΜΜΑΤΙΚΗ ΑΝΤΙΠΡΟΣΩΠΕΙΑ ΣΤΗΝ ΕΛΛΑΔΑ

Συνέχεια τῆς ἀνταπόκρισης ἀπό τούς ἐργαζόμενους, τίς συνδικαλιστικές ὀργανώσεις καί τούς φορεῖς τῆς περιοχῆς, πού ζητοῦν ἄμεση ἱκανοποίηση τῶν δίκαιων αἰτημάτων τους καί καταγγέλλουν τήν πολιτική τῆς κυβέρνησης τῆς Ν.Δ. πού φορτώνει τά βάρη τῆς κρίσης στίς πλάτες τοῦ λαοῦ.
